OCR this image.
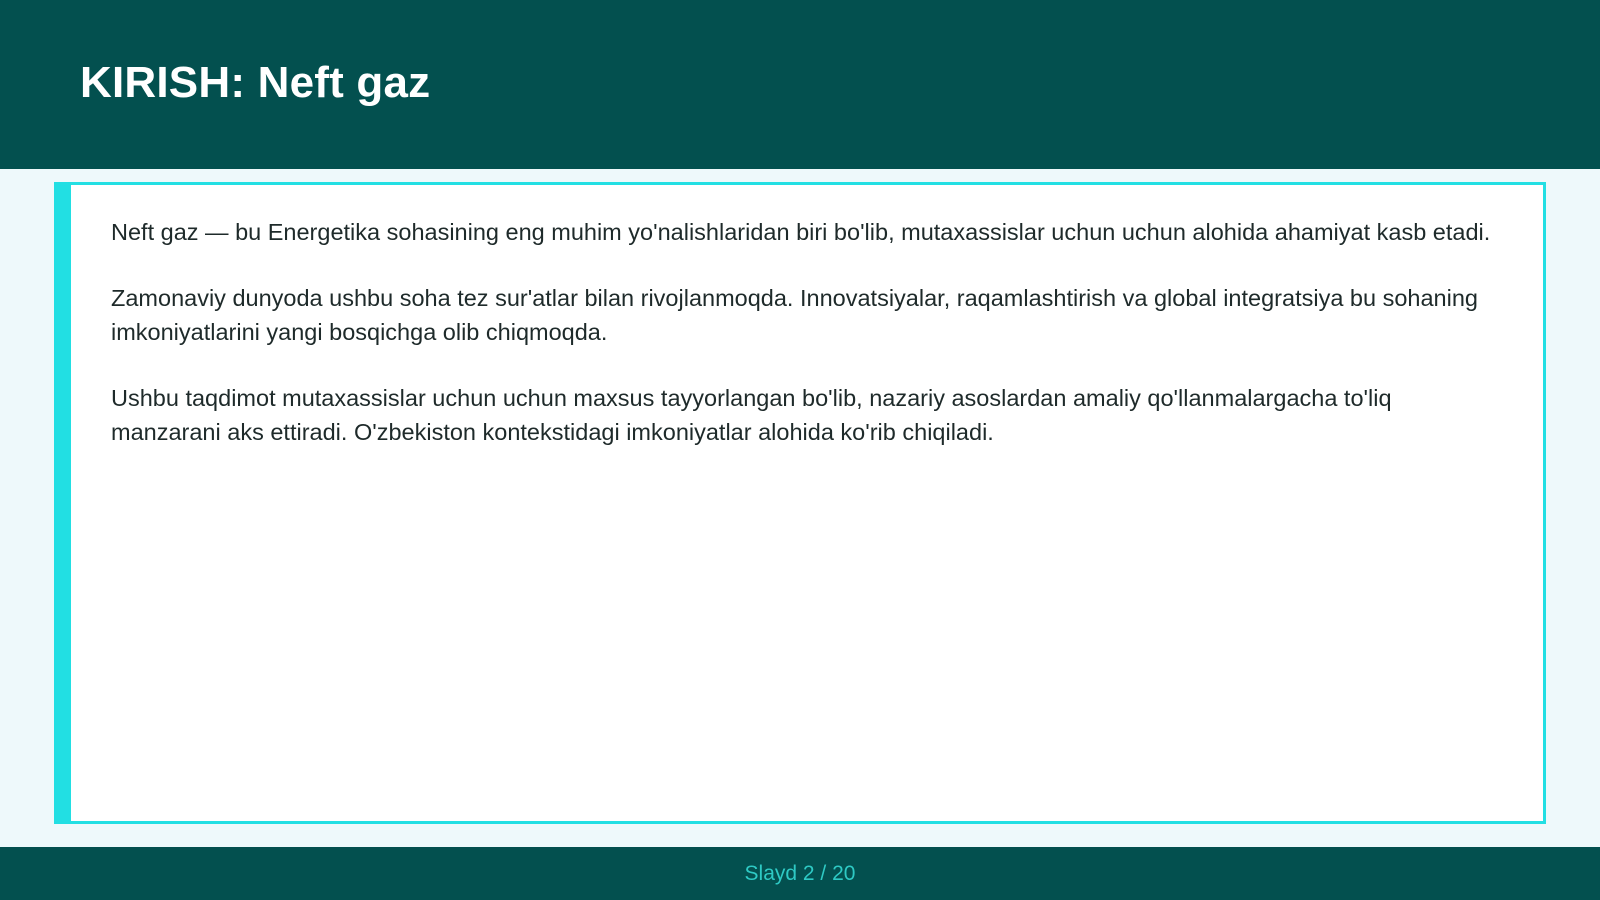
KIRISH: Neft gaz

Neft gaz — bu Energetika sohasining eng muhim yo'nalishlaridan biri bo'lib, mutaxassislar uchun uchun alohida ahamiyat kasb etadi.

Zamonaviy dunyoda ushbu soha tez sur'atlar bilan rivojlanmoqda. Innovatsiyalar, raqamlashtirish va global integratsiya bu sohaning imkoniyatlarini yangi bosqichga olib chiqmoqda.

Ushbu taqdimot mutaxassislar uchun uchun maxsus tayyorlangan bo'lib, nazariy asoslardan amaliy qo'llanmalargacha to'liq manzarani aks ettiradi. O'zbekiston kontekstidagi imkoniyatlar alohida ko'rib chiqiladi.

Slayd 2 / 20
